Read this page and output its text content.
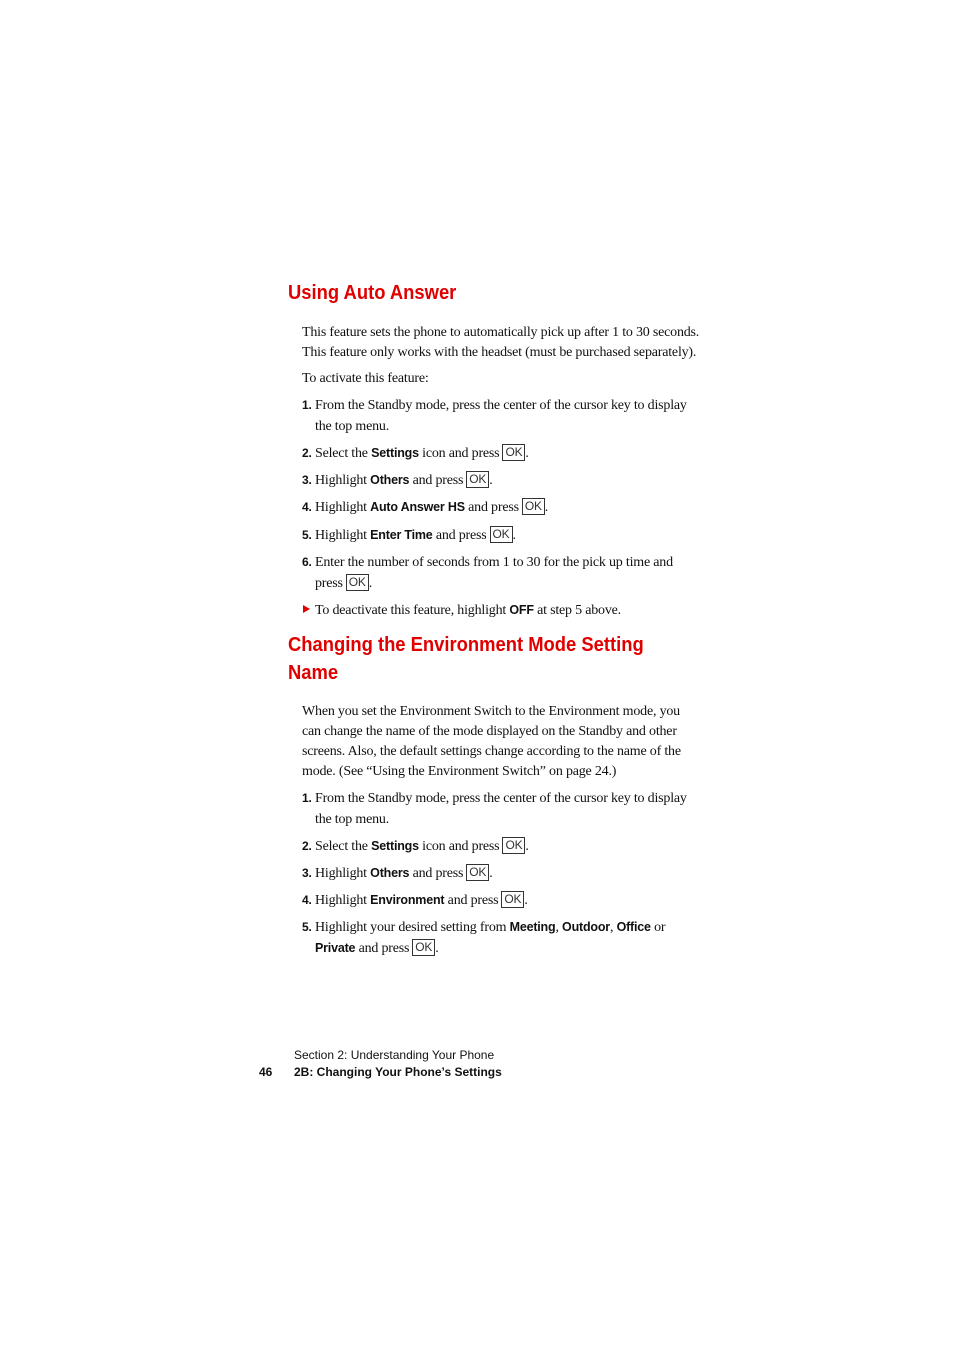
Using Auto Answer
This feature sets the phone to automatically pick up after 1 to 30 seconds.
This feature only works with the headset (must be purchased separately).
To activate this feature:
1. From the Standby mode, press the center of the cursor key to display
the top menu.
2. Select the Settings icon and press OK .
3. Highlight Others and press OK .
4. Highlight Auto Answer HS and press OK .
5. Highlight Enter Time and press OK .
6. Enter the number of seconds from 1 to 30 for the pick up time and
press OK .
To deactivate this feature, highlight OFF at step 5 above.
Changing the Environment Mode Setting
Name
When you set the Environment Switch to the Environment mode, you
can change the name of the mode displayed on the Standby and other
screens. Also, the default settings change according to the name of the
mode. (See “Using the Environment Switch” on page 24.)
1. From the Standby mode, press the center of the cursor key to display
the top menu.
2. Select the Settings icon and press OK .
3. Highlight Others and press OK .
4. Highlight Environment and press OK .
5. Highlight your desired setting from Meeting, Outdoor, Office or
Private and press OK .
Section 2: Understanding Your Phone
46 2B: Changing Your Phone’s Settings
